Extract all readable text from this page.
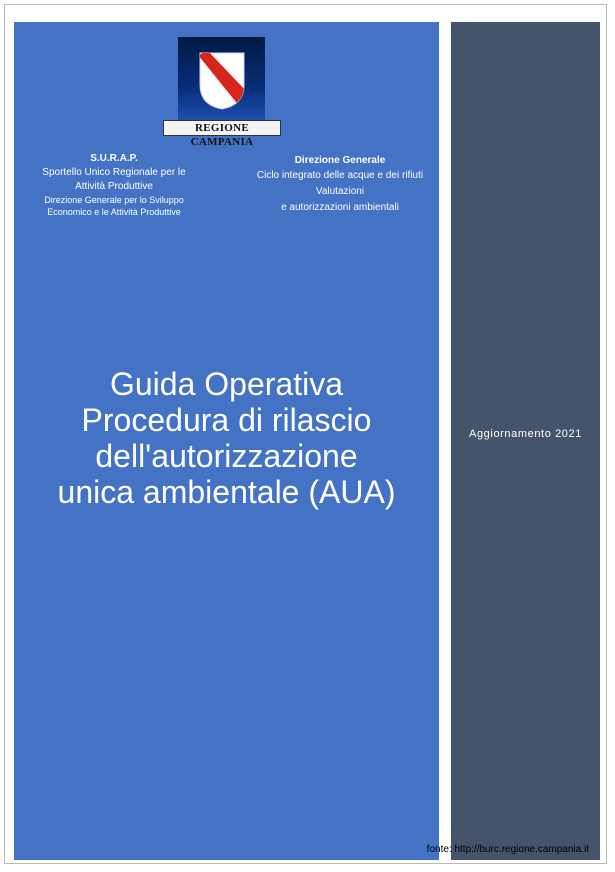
REGIONE CAMPANIA
S.U.R.A.P.
Sportello Unico Regionale per le
Attività Produttive
Direzione Generale per lo Sviluppo
Economico e le Attività Produttive
Direzione Generale
Ciclo integrato delle acque e dei rifiuti
Valutazioni
e autorizzazioni ambientali
Guida Operativa
Procedura di rilascio
dell'autorizzazione
unica ambientale (AUA)
Aggiornamento 2021
fonte: http://burc.regione.campania.it
